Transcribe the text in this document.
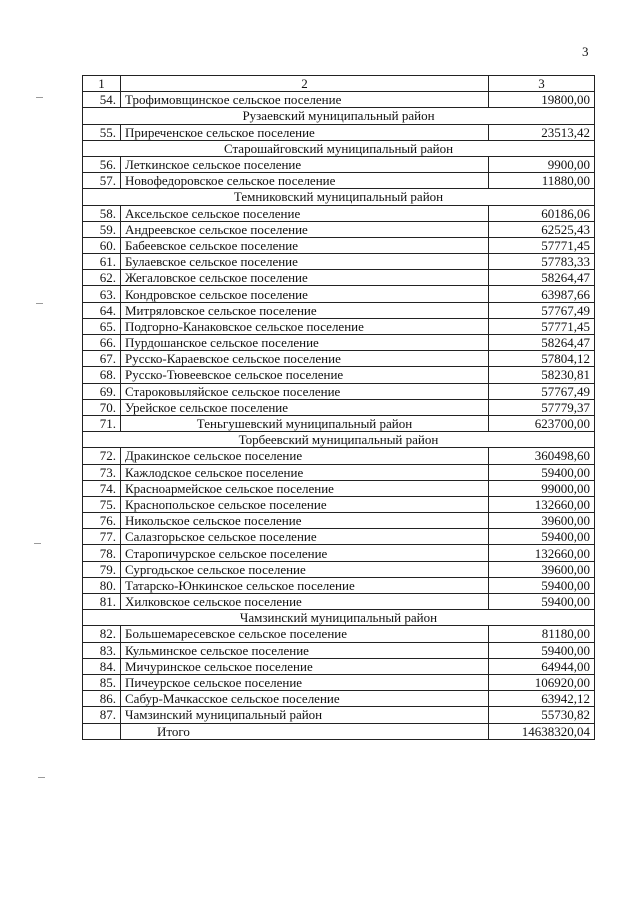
3
1	2	3
54.	Трофимовщинское сельское поселение	19800,00
Рузаевский муниципальный район		
55.	Приреченское сельское поселение	23513,42
Старошайговский муниципальный район		
56.	Леткинское сельское поселение	9900,00
57.	Новофедоровское сельское поселение	11880,00
Темниковский муниципальный район		
58.	Аксельское сельское поселение	60186,06
59.	Андреевское сельское поселение	62525,43
60.	Бабеевское сельское поселение	57771,45
61.	Булаевское сельское поселение	57783,33
62.	Жегаловское сельское поселение	58264,47
63.	Кондровское сельское поселение	63987,66
64.	Митряловское сельское поселение	57767,49
65.	Подгорно-Канаковское сельское поселение	57771,45
66.	Пурдошанское сельское поселение	58264,47
67.	Русско-Караевское сельское поселение	57804,12
68.	Русско-Тювеевское сельское поселение	58230,81
69.	Староковыляйское сельское поселение	57767,49
70.	Урейское сельское поселение	57779,37
71.	Теньгушевский муниципальный район	623700,00
Торбеевский муниципальный район		
72.	Дракинское сельское поселение	360498,60
73.	Кажлодское сельское поселение	59400,00
74.	Красноармейское сельское поселение	99000,00
75.	Краснопольское сельское поселение	132660,00
76.	Никольское сельское поселение	39600,00
77.	Салазгорьское сельское поселение	59400,00
78.	Старопичурское сельское поселение	132660,00
79.	Сургодьское сельское поселение	39600,00
80.	Татарско-Юнкинское сельское поселение	59400,00
81.	Хилковское сельское поселение	59400,00
Чамзинский муниципальный район		
82.	Большемаресевское сельское поселение	81180,00
83.	Кульминское сельское поселение	59400,00
84.	Мичуринское сельское поселение	64944,00
85.	Пичеурское сельское поселение	106920,00
86.	Сабур-Мачкасское сельское поселение	63942,12
87.	Чамзинский муниципальный район	55730,82
	Итого	14638320,04
